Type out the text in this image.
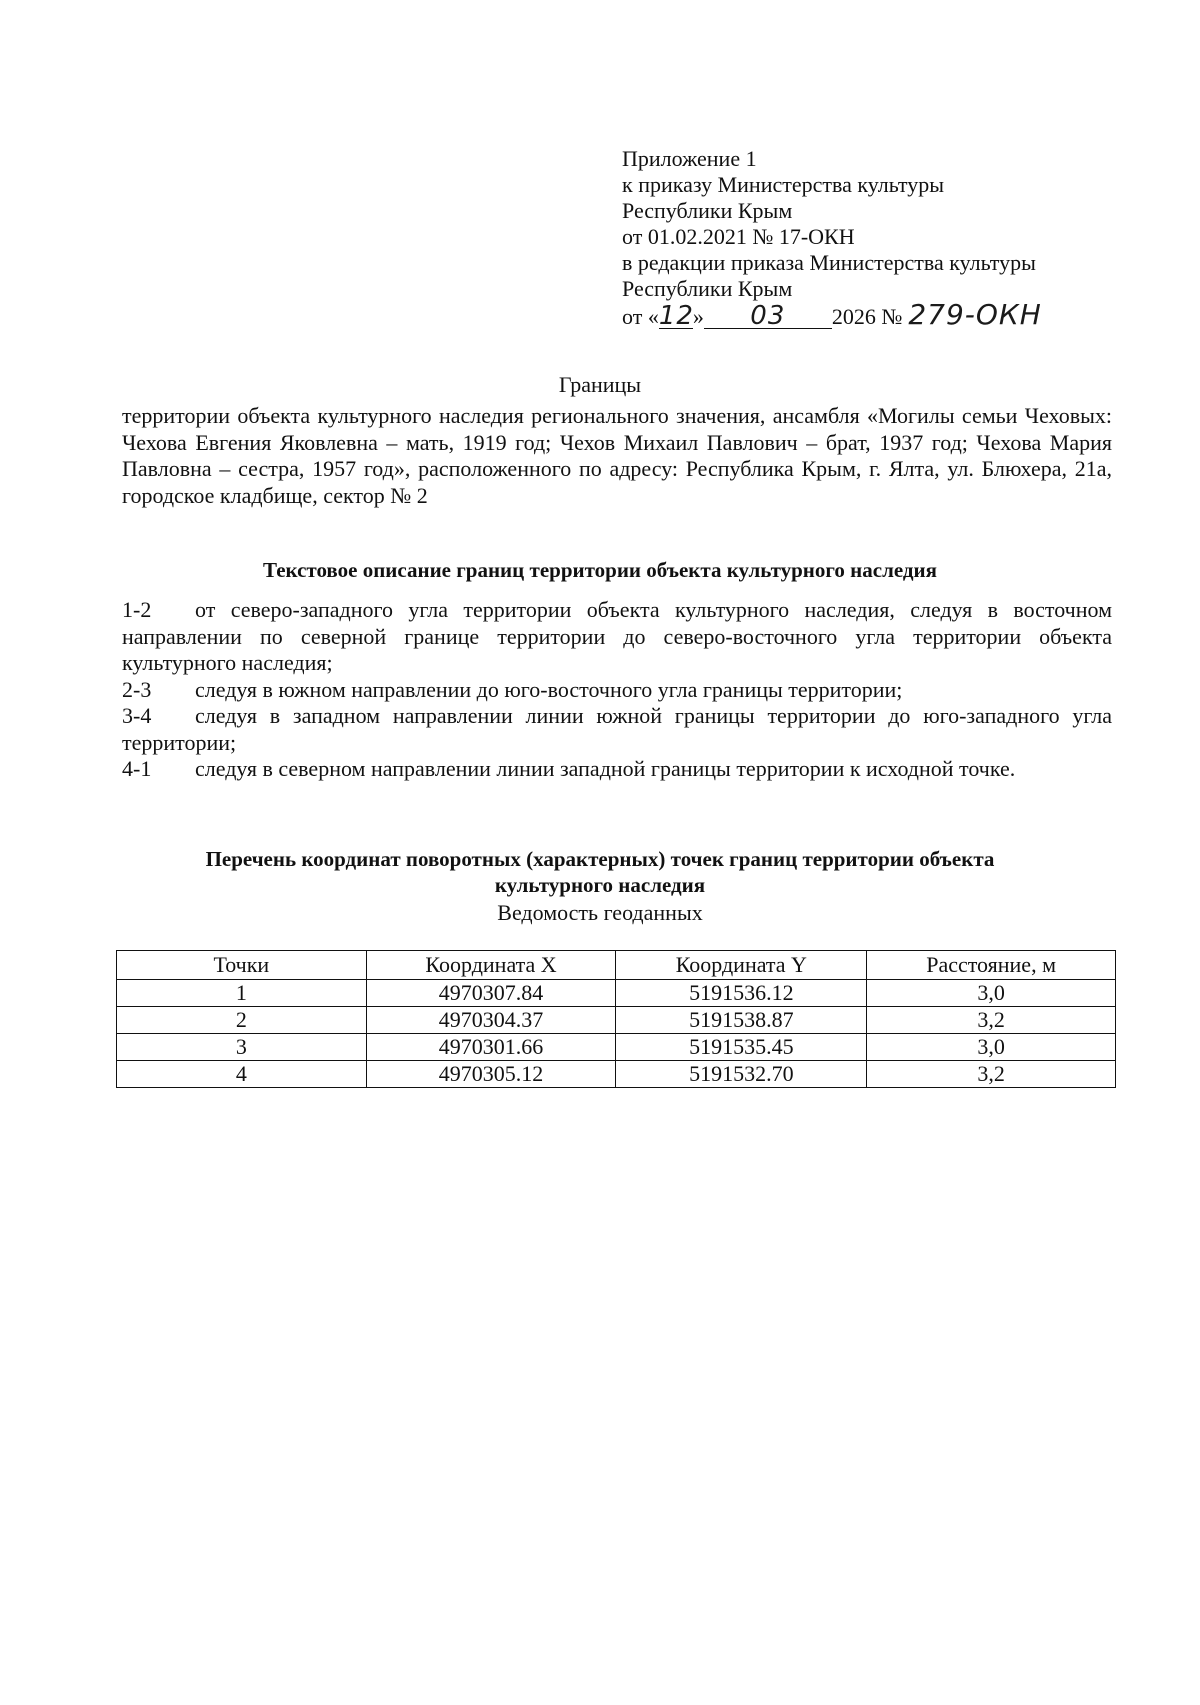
Приложение 1
к приказу Министерства культуры
Республики Крым
от 01.02.2021 № 17-ОКН
в редакции приказа Министерства культуры
Республики Крым
от «12» 03 2026 № 279-ОКН
Границы
территории объекта культурного наследия регионального значения, ансамбля «Могилы семьи Чеховых: Чехова Евгения Яковлевна – мать, 1919 год; Чехов Михаил Павлович – брат, 1937 год; Чехова Мария Павловна – сестра, 1957 год», расположенного по адресу: Республика Крым, г. Ялта, ул. Блюхера, 21а, городское кладбище, сектор № 2
Текстовое описание границ территории объекта культурного наследия

1-2 от северо-западного угла территории объекта культурного наследия, следуя в восточном направлении по северной границе территории до северо-восточного угла территории объекта культурного наследия;

2-3 следуя в южном направлении до юго-восточного угла границы территории;

3-4 следуя в западном направлении линии южной границы территории до юго-западного угла территории;

4-1 следуя в северном направлении линии западной границы территории к исходной точке.

Перечень координат поворотных (характерных) точек границ территории объекта
культурного наследия
Ведомость геоданных
Точки	Координата X	Координата Y	Расстояние, м
1	4970307.84	5191536.12	3,0
2	4970304.37	5191538.87	3,2
3	4970301.66	5191535.45	3,0
4	4970305.12	5191532.70	3,2
